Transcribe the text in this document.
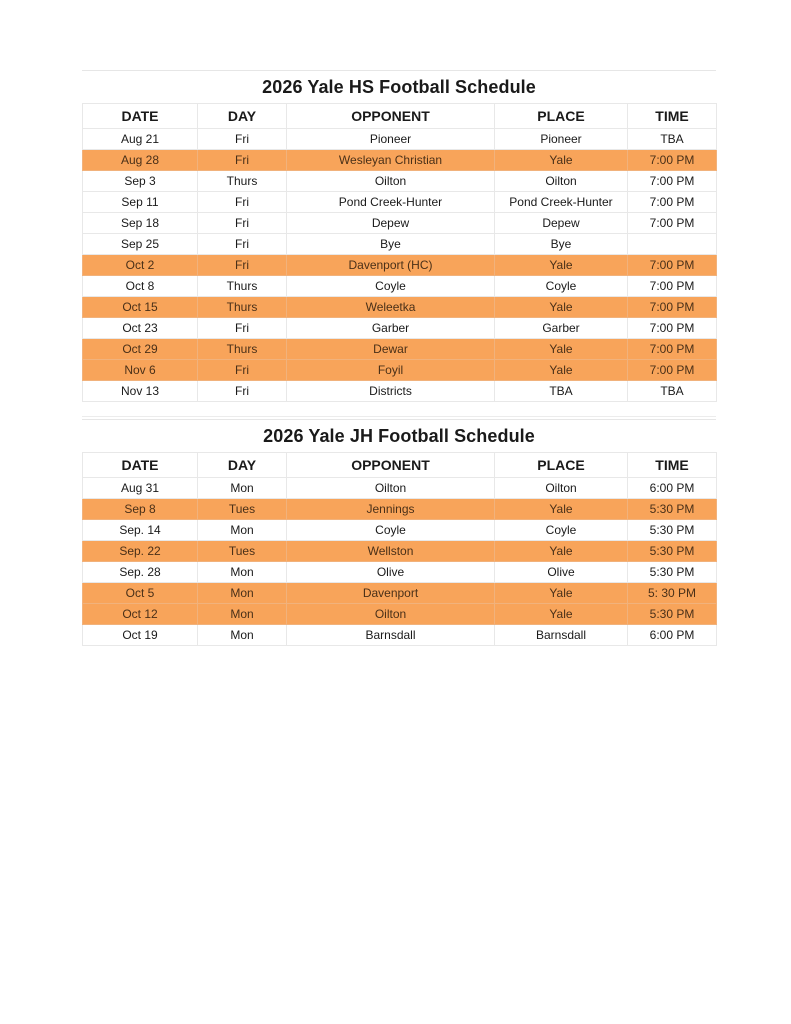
2026 Yale HS Football Schedule
DATE	DAY	OPPONENT	PLACE	TIME
Aug 21	Fri	Pioneer	Pioneer	TBA
Aug 28	Fri	Wesleyan Christian	Yale	7:00 PM
Sep 3	Thurs	Oilton	Oilton	7:00 PM
Sep 11	Fri	Pond Creek-Hunter	Pond Creek-Hunter	7:00 PM
Sep 18	Fri	Depew	Depew	7:00 PM
Sep 25	Fri	Bye	Bye	
Oct 2	Fri	Davenport (HC)	Yale	7:00 PM
Oct 8	Thurs	Coyle	Coyle	7:00 PM
Oct 15	Thurs	Weleetka	Yale	7:00 PM
Oct 23	Fri	Garber	Garber	7:00 PM
Oct 29	Thurs	Dewar	Yale	7:00 PM
Nov 6	Fri	Foyil	Yale	7:00 PM
Nov 13	Fri	Districts	TBA	TBA
2026 Yale JH Football Schedule
DATE	DAY	OPPONENT	PLACE	TIME
Aug 31	Mon	Oilton	Oilton	6:00 PM
Sep 8	Tues	Jennings	Yale	5:30 PM
Sep. 14	Mon	Coyle	Coyle	5:30 PM
Sep. 22	Tues	Wellston	Yale	5:30 PM
Sep. 28	Mon	Olive	Olive	5:30 PM
Oct 5	Mon	Davenport	Yale	5: 30 PM
Oct 12	Mon	Oilton	Yale	5:30 PM
Oct 19	Mon	Barnsdall	Barnsdall	6:00 PM
